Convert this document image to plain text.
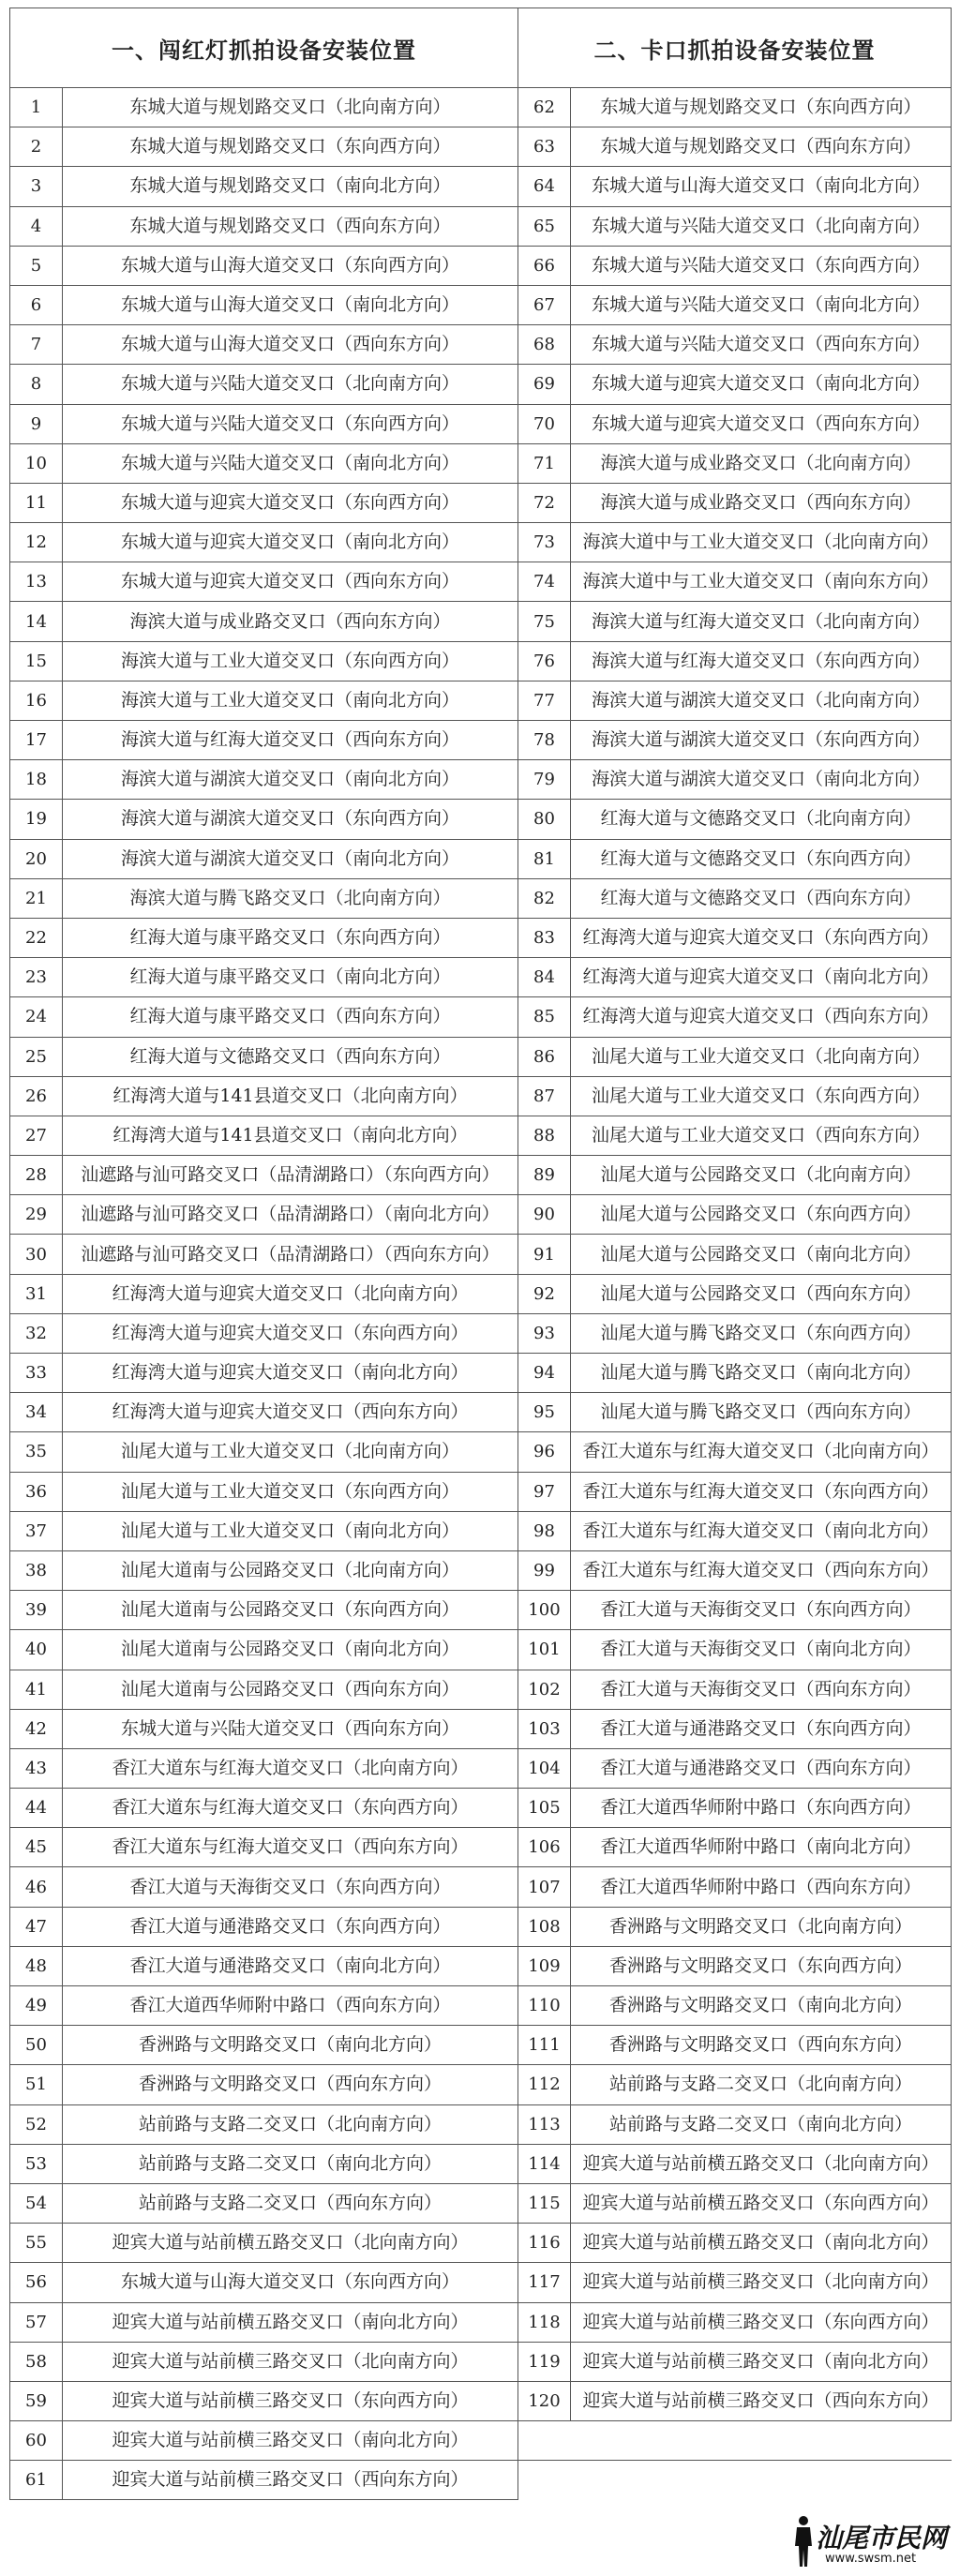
一、闯红灯抓拍设备安装位置		二、卡口抓拍设备安装位置	
1	东城大道与规划路交叉口（北向南方向）	62	东城大道与规划路交叉口（东向西方向）
2	东城大道与规划路交叉口（东向西方向）	63	东城大道与规划路交叉口（西向东方向）
3	东城大道与规划路交叉口（南向北方向）	64	东城大道与山海大道交叉口（南向北方向）
4	东城大道与规划路交叉口（西向东方向）	65	东城大道与兴陆大道交叉口（北向南方向）
5	东城大道与山海大道交叉口（东向西方向）	66	东城大道与兴陆大道交叉口（东向西方向）
6	东城大道与山海大道交叉口（南向北方向）	67	东城大道与兴陆大道交叉口（南向北方向）
7	东城大道与山海大道交叉口（西向东方向）	68	东城大道与兴陆大道交叉口（西向东方向）
8	东城大道与兴陆大道交叉口（北向南方向）	69	东城大道与迎宾大道交叉口（南向北方向）
9	东城大道与兴陆大道交叉口（东向西方向）	70	东城大道与迎宾大道交叉口（西向东方向）
10	东城大道与兴陆大道交叉口（南向北方向）	71	海滨大道与成业路交叉口（北向南方向）
11	东城大道与迎宾大道交叉口（东向西方向）	72	海滨大道与成业路交叉口（西向东方向）
12	东城大道与迎宾大道交叉口（南向北方向）	73	海滨大道中与工业大道交叉口（北向南方向）
13	东城大道与迎宾大道交叉口（西向东方向）	74	海滨大道中与工业大道交叉口（南向东方向）
14	海滨大道与成业路交叉口（西向东方向）	75	海滨大道与红海大道交叉口（北向南方向）
15	海滨大道与工业大道交叉口（东向西方向）	76	海滨大道与红海大道交叉口（东向西方向）
16	海滨大道与工业大道交叉口（南向北方向）	77	海滨大道与湖滨大道交叉口（北向南方向）
17	海滨大道与红海大道交叉口（西向东方向）	78	海滨大道与湖滨大道交叉口（东向西方向）
18	海滨大道与湖滨大道交叉口（南向北方向）	79	海滨大道与湖滨大道交叉口（南向北方向）
19	海滨大道与湖滨大道交叉口（东向西方向）	80	红海大道与文德路交叉口（北向南方向）
20	海滨大道与湖滨大道交叉口（南向北方向）	81	红海大道与文德路交叉口（东向西方向）
21	海滨大道与腾飞路交叉口（北向南方向）	82	红海大道与文德路交叉口（西向东方向）
22	红海大道与康平路交叉口（东向西方向）	83	红海湾大道与迎宾大道交叉口（东向西方向）
23	红海大道与康平路交叉口（南向北方向）	84	红海湾大道与迎宾大道交叉口（南向北方向）
24	红海大道与康平路交叉口（西向东方向）	85	红海湾大道与迎宾大道交叉口（西向东方向）
25	红海大道与文德路交叉口（西向东方向）	86	汕尾大道与工业大道交叉口（北向南方向）
26	红海湾大道与141县道交叉口（北向南方向）	87	汕尾大道与工业大道交叉口（东向西方向）
27	红海湾大道与141县道交叉口（南向北方向）	88	汕尾大道与工业大道交叉口（西向东方向）
28	汕遮路与汕可路交叉口（品清湖路口）（东向西方向）	89	汕尾大道与公园路交叉口（北向南方向）
29	汕遮路与汕可路交叉口（品清湖路口）（南向北方向）	90	汕尾大道与公园路交叉口（东向西方向）
30	汕遮路与汕可路交叉口（品清湖路口）（西向东方向）	91	汕尾大道与公园路交叉口（南向北方向）
31	红海湾大道与迎宾大道交叉口（北向南方向）	92	汕尾大道与公园路交叉口（西向东方向）
32	红海湾大道与迎宾大道交叉口（东向西方向）	93	汕尾大道与腾飞路交叉口（东向西方向）
33	红海湾大道与迎宾大道交叉口（南向北方向）	94	汕尾大道与腾飞路交叉口（南向北方向）
34	红海湾大道与迎宾大道交叉口（西向东方向）	95	汕尾大道与腾飞路交叉口（西向东方向）
35	汕尾大道与工业大道交叉口（北向南方向）	96	香江大道东与红海大道交叉口（北向南方向）
36	汕尾大道与工业大道交叉口（东向西方向）	97	香江大道东与红海大道交叉口（东向西方向）
37	汕尾大道与工业大道交叉口（南向北方向）	98	香江大道东与红海大道交叉口（南向北方向）
38	汕尾大道南与公园路交叉口（北向南方向）	99	香江大道东与红海大道交叉口（西向东方向）
39	汕尾大道南与公园路交叉口（东向西方向）	100	香江大道与天海街交叉口（东向西方向）
40	汕尾大道南与公园路交叉口（南向北方向）	101	香江大道与天海街交叉口（南向北方向）
41	汕尾大道南与公园路交叉口（西向东方向）	102	香江大道与天海街交叉口（西向东方向）
42	东城大道与兴陆大道交叉口（西向东方向）	103	香江大道与通港路交叉口（东向西方向）
43	香江大道东与红海大道交叉口（北向南方向）	104	香江大道与通港路交叉口（西向东方向）
44	香江大道东与红海大道交叉口（东向西方向）	105	香江大道西华师附中路口（东向西方向）
45	香江大道东与红海大道交叉口（西向东方向）	106	香江大道西华师附中路口（南向北方向）
46	香江大道与天海街交叉口（东向西方向）	107	香江大道西华师附中路口（西向东方向）
47	香江大道与通港路交叉口（东向西方向）	108	香洲路与文明路交叉口（北向南方向）
48	香江大道与通港路交叉口（南向北方向）	109	香洲路与文明路交叉口（东向西方向）
49	香江大道西华师附中路口（西向东方向）	110	香洲路与文明路交叉口（南向北方向）
50	香洲路与文明路交叉口（南向北方向）	111	香洲路与文明路交叉口（西向东方向）
51	香洲路与文明路交叉口（西向东方向）	112	站前路与支路二交叉口（北向南方向）
52	站前路与支路二交叉口（北向南方向）	113	站前路与支路二交叉口（南向北方向）
53	站前路与支路二交叉口（南向北方向）	114	迎宾大道与站前横五路交叉口（北向南方向）
54	站前路与支路二交叉口（西向东方向）	115	迎宾大道与站前横五路交叉口（东向西方向）
55	迎宾大道与站前横五路交叉口（北向南方向）	116	迎宾大道与站前横五路交叉口（南向北方向）
56	东城大道与山海大道交叉口（东向西方向）	117	迎宾大道与站前横三路交叉口（北向南方向）
57	迎宾大道与站前横五路交叉口（南向北方向）	118	迎宾大道与站前横三路交叉口（东向西方向）
58	迎宾大道与站前横三路交叉口（北向南方向）	119	迎宾大道与站前横三路交叉口（南向北方向）
59	迎宾大道与站前横三路交叉口（东向西方向）	120	迎宾大道与站前横三路交叉口（西向东方向）
60	迎宾大道与站前横三路交叉口（南向北方向）		
61	迎宾大道与站前横三路交叉口（西向东方向）		
汕尾市民网
www.swsm.net
